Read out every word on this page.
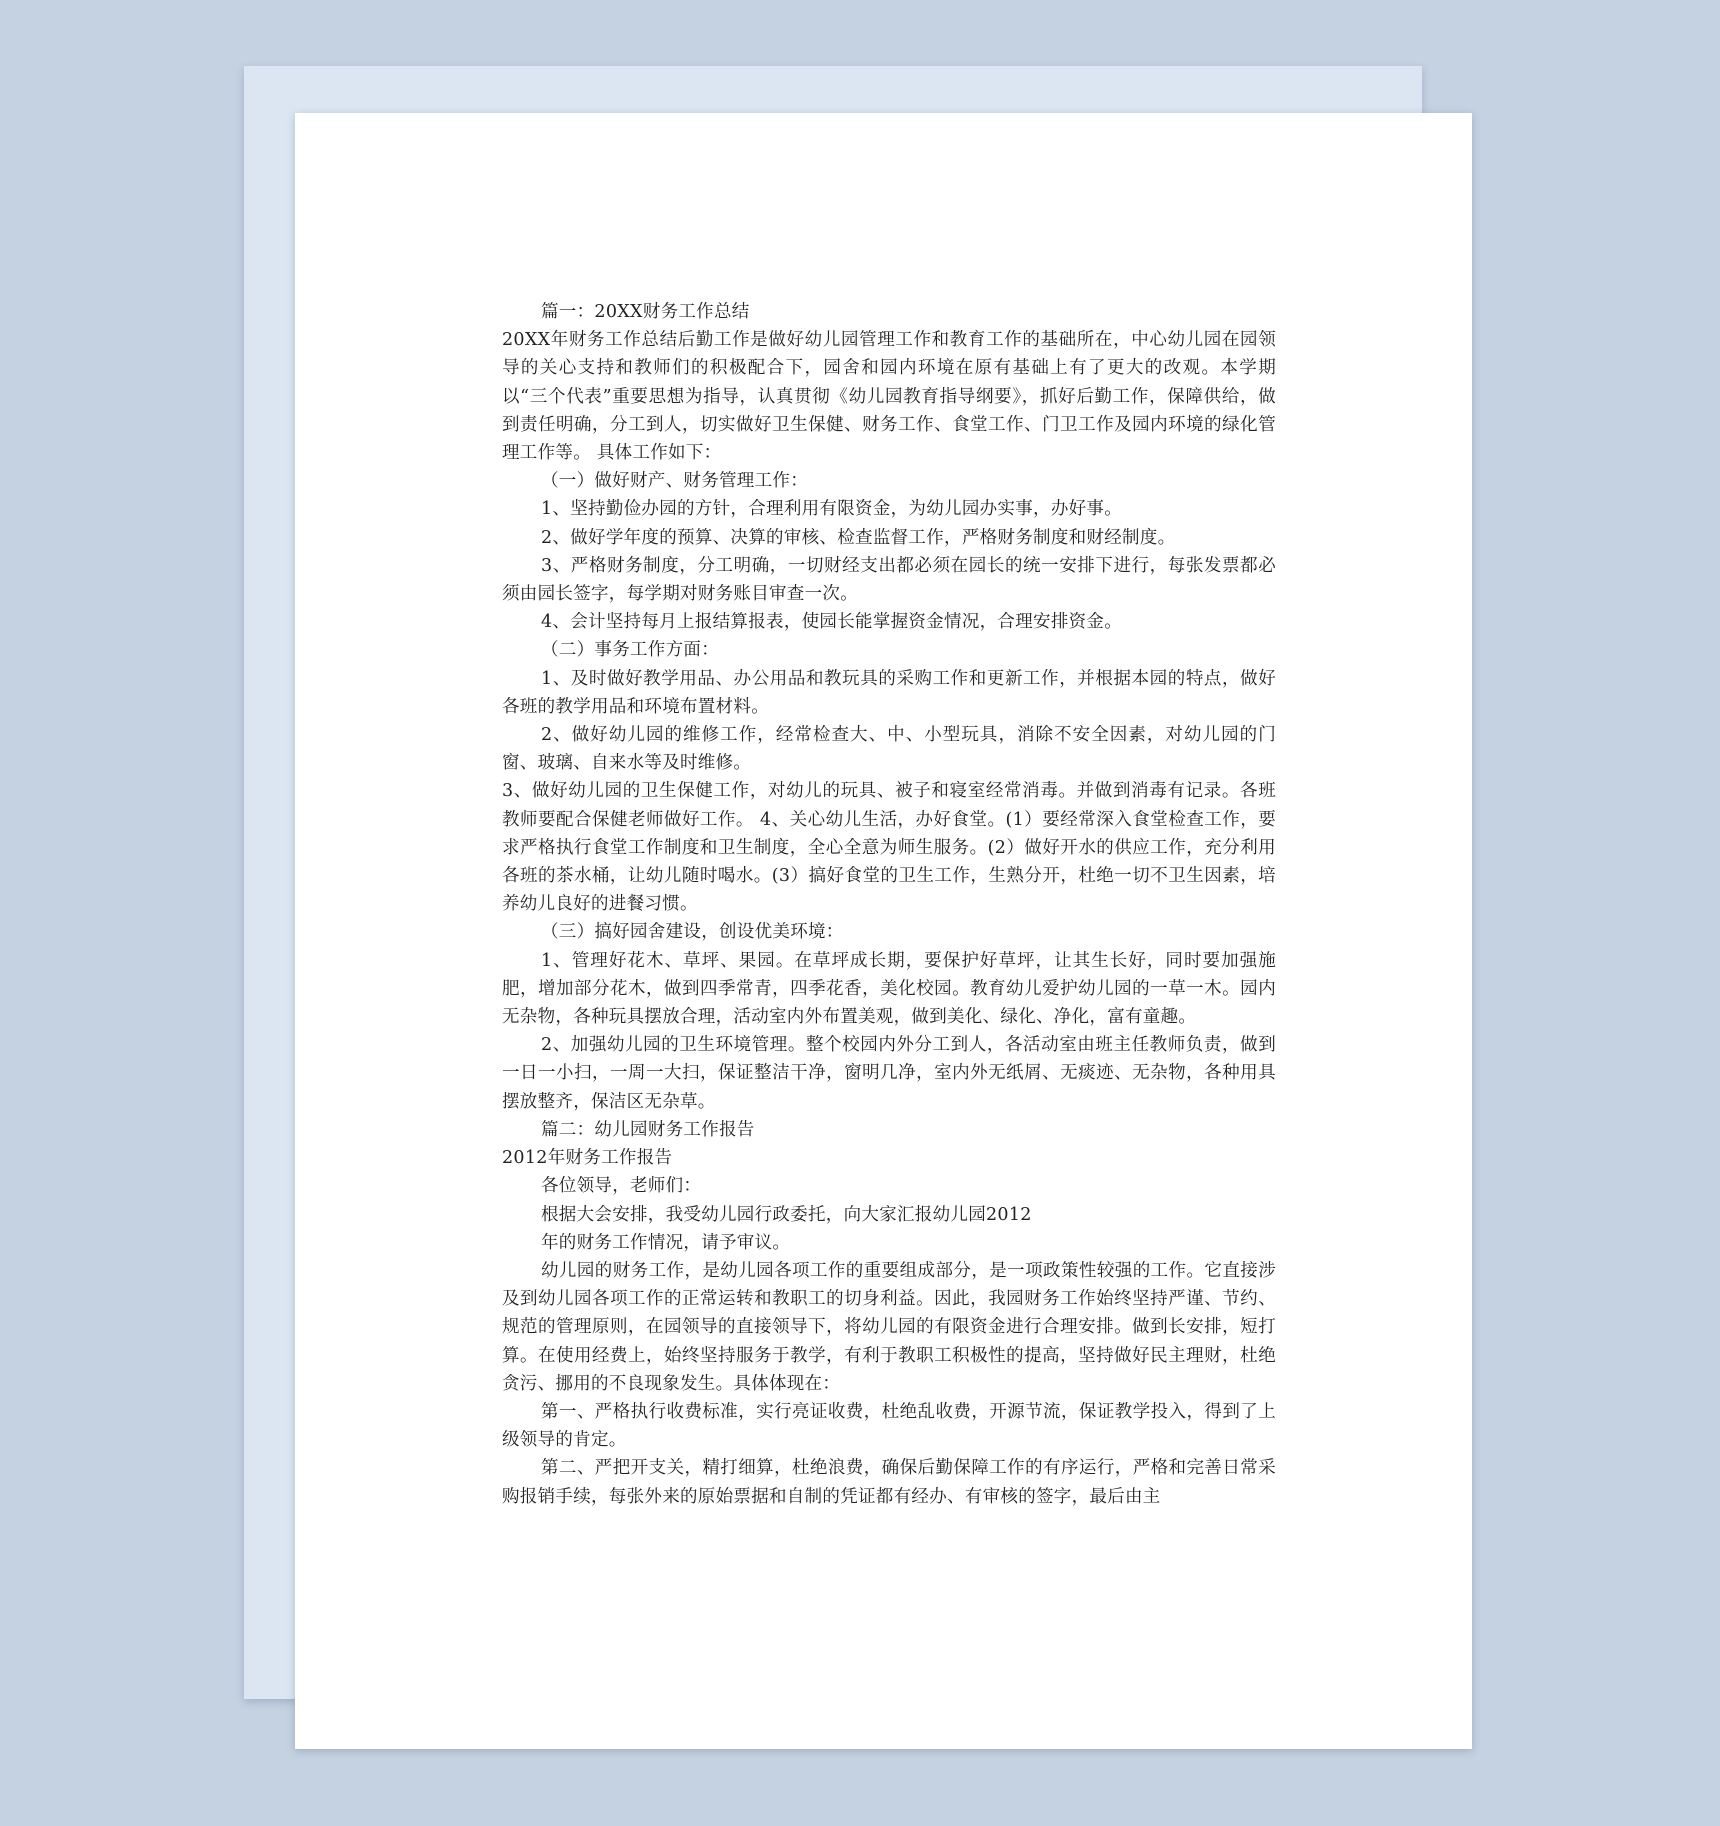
篇一：20XX财务工作总结

20XX年财务工作总结后勤工作是做好幼儿园管理工作和教育工作的基础所在，中心幼儿园在园领导的关心支持和教师们的积极配合下，园舍和园内环境在原有基础上有了更大的改观。本学期以“三个代表”重要思想为指导，认真贯彻《幼儿园教育指导纲要》，抓好后勤工作，保障供给，做到责任明确，分工到人，切实做好卫生保健、财务工作、食堂工作、门卫工作及园内环境的绿化管理工作等。 具体工作如下：

（一）做好财产、财务管理工作：

1、坚持勤俭办园的方针，合理利用有限资金，为幼儿园办实事，办好事。

2、做好学年度的预算、决算的审核、检查监督工作，严格财务制度和财经制度。

3、严格财务制度，分工明确，一切财经支出都必须在园长的统一安排下进行，每张发票都必须由园长签字，每学期对财务账目审查一次。

4、会计坚持每月上报结算报表，使园长能掌握资金情况，合理安排资金。

（二）事务工作方面：

1、及时做好教学用品、办公用品和教玩具的采购工作和更新工作，并根据本园的特点，做好各班的教学用品和环境布置材料。

2、做好幼儿园的维修工作，经常检查大、中、小型玩具，消除不安全因素，对幼儿园的门窗、玻璃、自来水等及时维修。

3、做好幼儿园的卫生保健工作，对幼儿的玩具、被子和寝室经常消毒。并做到消毒有记录。各班教师要配合保健老师做好工作。 4、关心幼儿生活，办好食堂。(1）要经常深入食堂检查工作，要求严格执行食堂工作制度和卫生制度，全心全意为师生服务。(2）做好开水的供应工作，充分利用各班的茶水桶，让幼儿随时喝水。(3）搞好食堂的卫生工作，生熟分开，杜绝一切不卫生因素，培养幼儿良好的进餐习惯。

（三）搞好园舍建设，创设优美环境：

1、管理好花木、草坪、果园。在草坪成长期，要保护好草坪，让其生长好，同时要加强施肥，增加部分花木，做到四季常青，四季花香，美化校园。教育幼儿爱护幼儿园的一草一木。园内无杂物，各种玩具摆放合理，活动室内外布置美观，做到美化、绿化、净化，富有童趣。

2、加强幼儿园的卫生环境管理。整个校园内外分工到人，各活动室由班主任教师负责，做到一日一小扫，一周一大扫，保证整洁干净，窗明几净，室内外无纸屑、无痰迹、无杂物，各种用具摆放整齐，保洁区无杂草。

篇二：幼儿园财务工作报告

2012年财务工作报告

各位领导，老师们：

根据大会安排，我受幼儿园行政委托，向大家汇报幼儿园2012

年的财务工作情况，请予审议。

幼儿园的财务工作，是幼儿园各项工作的重要组成部分，是一项政策性较强的工作。它直接涉及到幼儿园各项工作的正常运转和教职工的切身利益。因此，我园财务工作始终坚持严谨、节约、规范的管理原则，在园领导的直接领导下，将幼儿园的有限资金进行合理安排。做到长安排，短打算。在使用经费上，始终坚持服务于教学，有利于教职工积极性的提高，坚持做好民主理财，杜绝贪污、挪用的不良现象发生。具体体现在：

第一、严格执行收费标准，实行亮证收费，杜绝乱收费，开源节流，保证教学投入，得到了上级领导的肯定。

第二、严把开支关，精打细算，杜绝浪费，确保后勤保障工作的有序运行，严格和完善日常采购报销手续，每张外来的原始票据和自制的凭证都有经办、有审核的签字，最后由主
